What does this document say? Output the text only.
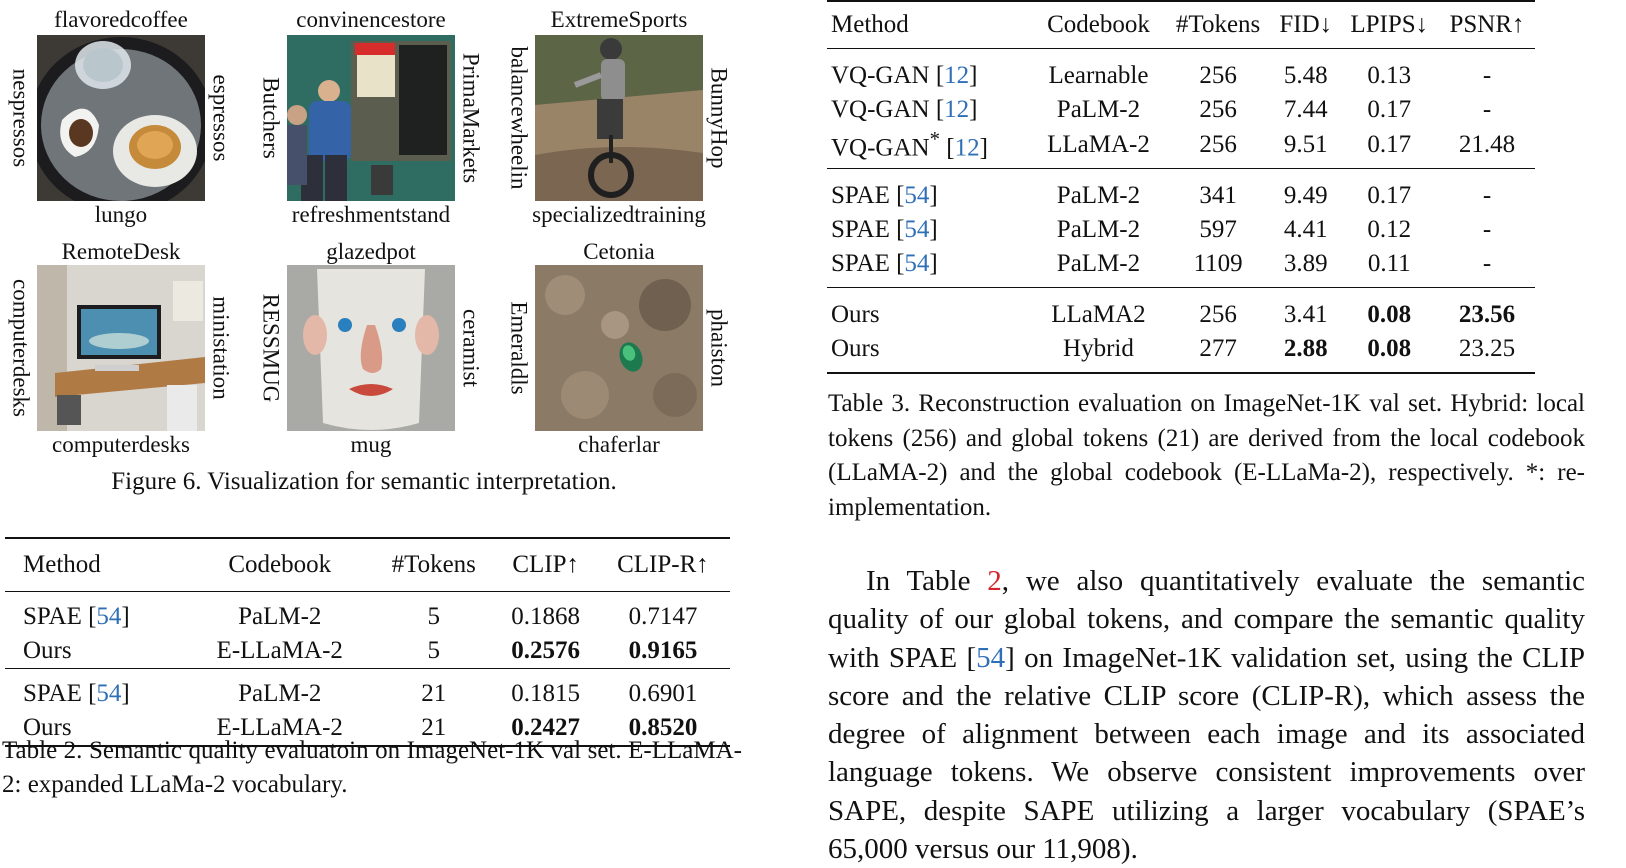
flavoredcoffee
lungo
nespressos	espressos
convinencestore
refreshmentstand
Butchers	PrimaMarkets
ExtremeSports
specializedtraining
balancewheelin	BunnyHop
RemoteDesk
computerdesks
computerdesks	ministation
glazedpot
mug
RESSMUG	ceramist
Cetonia
chaferlar
Emeraldls	phaiston
Figure 6. Visualization for semantic interpretation.
Method	Codebook	#Tokens	CLIP↑	CLIP-R↑
SPAE [54]	PaLM-2	5	0.1868	0.7147
Ours	E-LLaMA-2	5	0.2576	0.9165
SPAE [54]	PaLM-2	21	0.1815	0.6901
Ours	E-LLaMA-2	21	0.2427	0.8520
Table 2. Semantic quality evaluatoin on ImageNet-1K val set. E-LLaMA-2: expanded LLaMa-2 vocabulary.
Method	Codebook	#Tokens	FID↓	LPIPS↓	PSNR↑
VQ-GAN [12]	Learnable	256	5.48	0.13	-
VQ-GAN [12]	PaLM-2	256	7.44	0.17	-
VQ-GAN* [12]	LLaMA-2	256	9.51	0.17	21.48
SPAE [54]	PaLM-2	341	9.49	0.17	-
SPAE [54]	PaLM-2	597	4.41	0.12	-
SPAE [54]	PaLM-2	1109	3.89	0.11	-
Ours	LLaMA2	256	3.41	0.08	23.56
Ours	Hybrid	277	2.88	0.08	23.25
Table 3. Reconstruction evaluation on ImageNet-1K val set. Hybrid: local tokens (256) and global tokens (21) are derived from the local codebook (LLaMA-2) and the global codebook (E-LLaMa-2), respectively. *: re-implementation.
In Table 2, we also quantitatively evaluate the semantic quality of our global tokens, and compare the semantic quality with SPAE [54] on ImageNet-1K validation set, using the CLIP score and the relative CLIP score (CLIP-R), which assess the degree of alignment between each image and its associated language tokens. We observe consistent improvements over SAPE, despite SAPE utilizing a larger vocabulary (SPAE’s 65,000 versus our 11,908).
